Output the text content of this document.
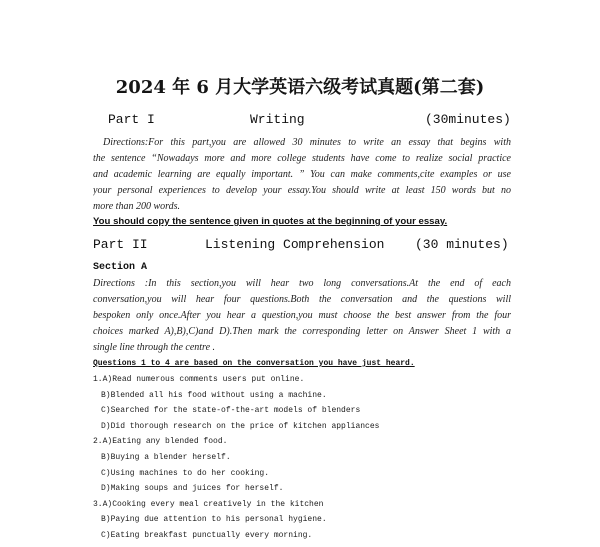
2024 年 6 月大学英语六级考试真题(第二套)
Part I	Writing	(30minutes)
Directions:For this part,you are allowed 30 minutes to write an essay that begins with
the sentence “Nowadays more and more college students have come to realize social practice
and academic learning are equally important. ” You can make comments,cite examples or use
your personal experiences to develop your essay.You should write at least 150 words but no
more than 200 words.
You should copy the sentence given in quotes at the beginning of your essay.
Part II	Listening Comprehension (30 minutes)
Section A
Directions :In this section,you will hear two long conversations.At the end of each
conversation,you will hear four questions.Both the conversation and the questions will
bespoken only once.After you hear a question,you must choose the best answer from the four
choices marked A),B),C)and D).Then mark the corresponding letter on Answer Sheet 1 with a
single line through the centre .
Questions 1 to 4 are based on the conversation you have just heard.
1.A)Read numerous comments users put online.
B)Blended all his food without using a machine.
C)Searched for the state-of-the-art models of blenders
D)Did thorough research on the price of kitchen appliances
2.A)Eating any blended food.
B)Buying a blender herself.
C)Using machines to do her cooking.
D)Making soups and juices for herself.
3.A)Cooking every meal creatively in the kitchen
B)Paying due attention to his personal hygiene.
C)Eating breakfast punctually every morning.
